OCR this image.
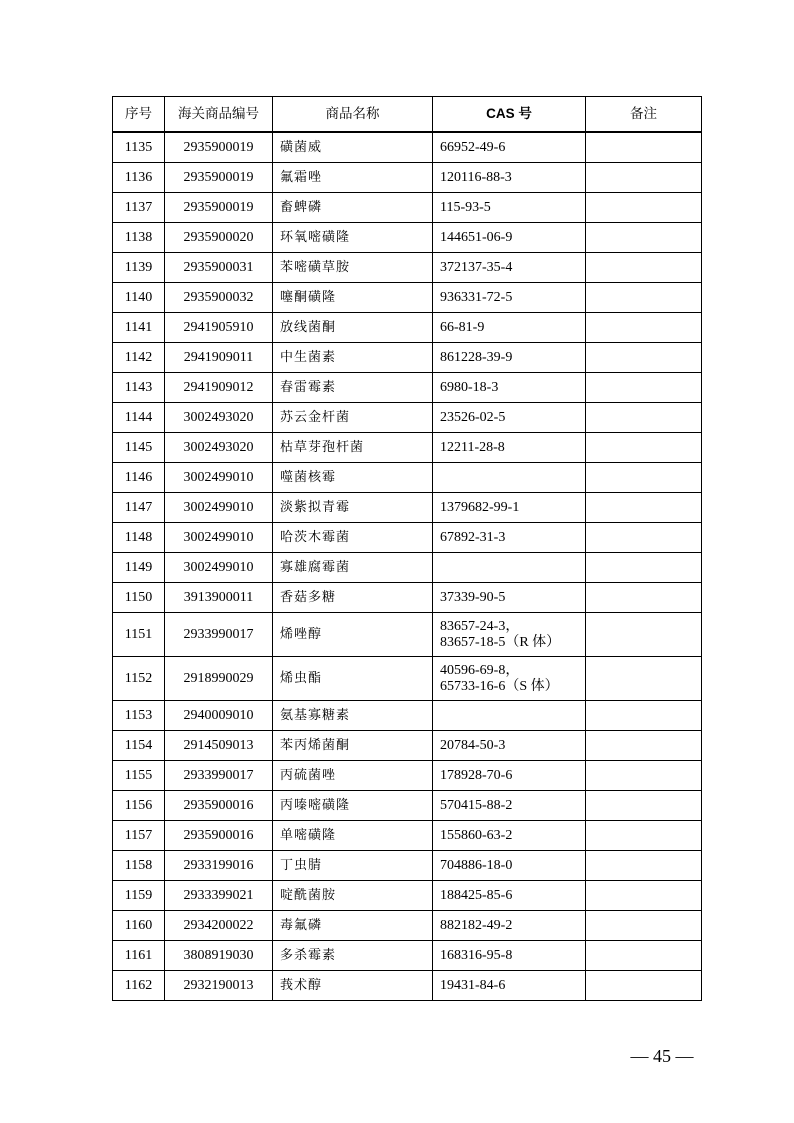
序号	海关商品编号	商品名称	CAS 号	备注
1135	2935900019	磺菌威	66952-49-6	

1136	2935900019	氟霜唑	120116-88-3	

1137	2935900019	畜蜱磷	115-93-5	

1138	2935900020	环氧嘧磺隆	144651-06-9	

1139	2935900031	苯嘧磺草胺	372137-35-4	

1140	2935900032	噻酮磺隆	936331-72-5	

1141	2941905910	放线菌酮	66-81-9	

1142	2941909011	中生菌素	861228-39-9	

1143	2941909012	春雷霉素	6980-18-3	

1144	3002493020	苏云金杆菌	23526-02-5	

1145	3002493020	枯草芽孢杆菌	12211-28-8	

1146	3002499010	噬菌核霉	

1147	3002499010	淡紫拟青霉	1379682-99-1	

1148	3002499010	哈茨木霉菌	67892-31-3	

1149	3002499010	寡雄腐霉菌	

1150	3913900011	香菇多糖	37339-90-5	

1151	2933990017	烯唑醇	83657-24-3，
83657-18-5（R 体）	

1152	2918990029	烯虫酯	40596-69-8，
65733-16-6（S 体）	

1153	2940009010	氨基寡糖素	

1154	2914509013	苯丙烯菌酮	20784-50-3	

1155	2933990017	丙硫菌唑	178928-70-6	

1156	2935900016	丙嗪嘧磺隆	570415-88-2	

1157	2935900016	单嘧磺隆	155860-63-2	

1158	2933199016	丁虫腈	704886-18-0	

1159	2933399021	啶酰菌胺	188425-85-6	

1160	2934200022	毒氟磷	882182-49-2	

1161	3808919030	多杀霉素	168316-95-8	

1162	2932190013	莪术醇	19431-84-6	

— 45 —
